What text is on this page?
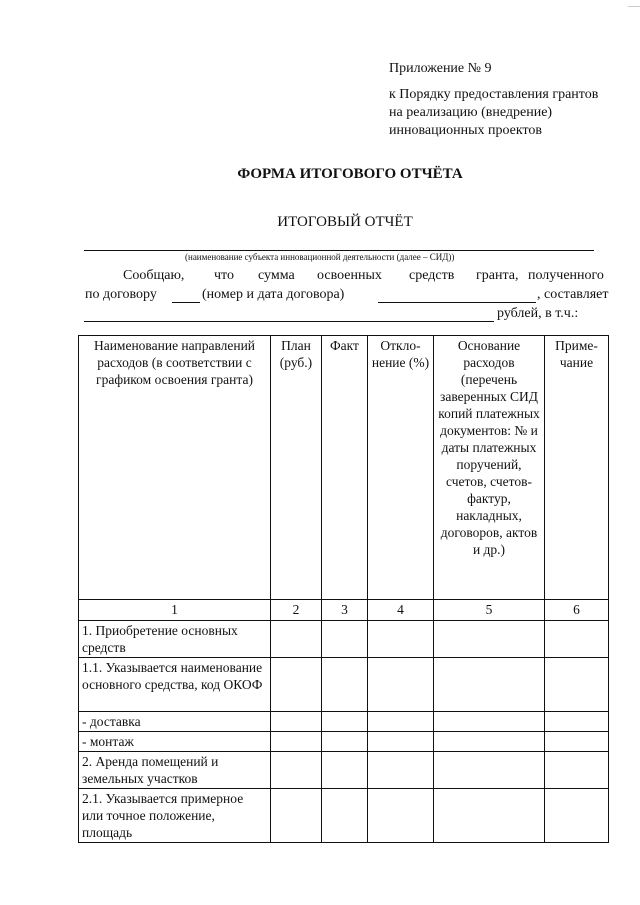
......
Приложение № 9
к Порядку предоставления грантов
на реализацию (внедрение)
инновационных проектов
ФОРМА ИТОГОВОГО ОТЧЁТА
ИТОГОВЫЙ ОТЧЁТ
(наименование субъекта инновационной деятельности (далее – СИД))
Сообщаю, что сумма освоенных средств гранта, полученного
по договору	(номер и дата договора)	, составляет
рублей, в т.ч.:
Наименование направлений расходов (в соответствии с графиком освоения гранта)	План (руб.)	Факт	Откло-нение (%)	Основание расходов (перечень заверенных СИД копий платежных документов: № и даты платежных поручений, счетов, счетов-фактур, накладных, договоров, актов и др.)	Приме-чание
1	2	3	4	5	6
1. Приобретение основных средств					
1.1. Указывается наименование основного средства, код ОКОФ					
- доставка					
- монтаж					
2. Аренда помещений и земельных участков					
2.1. Указывается примерное или точное положение, площадь					
